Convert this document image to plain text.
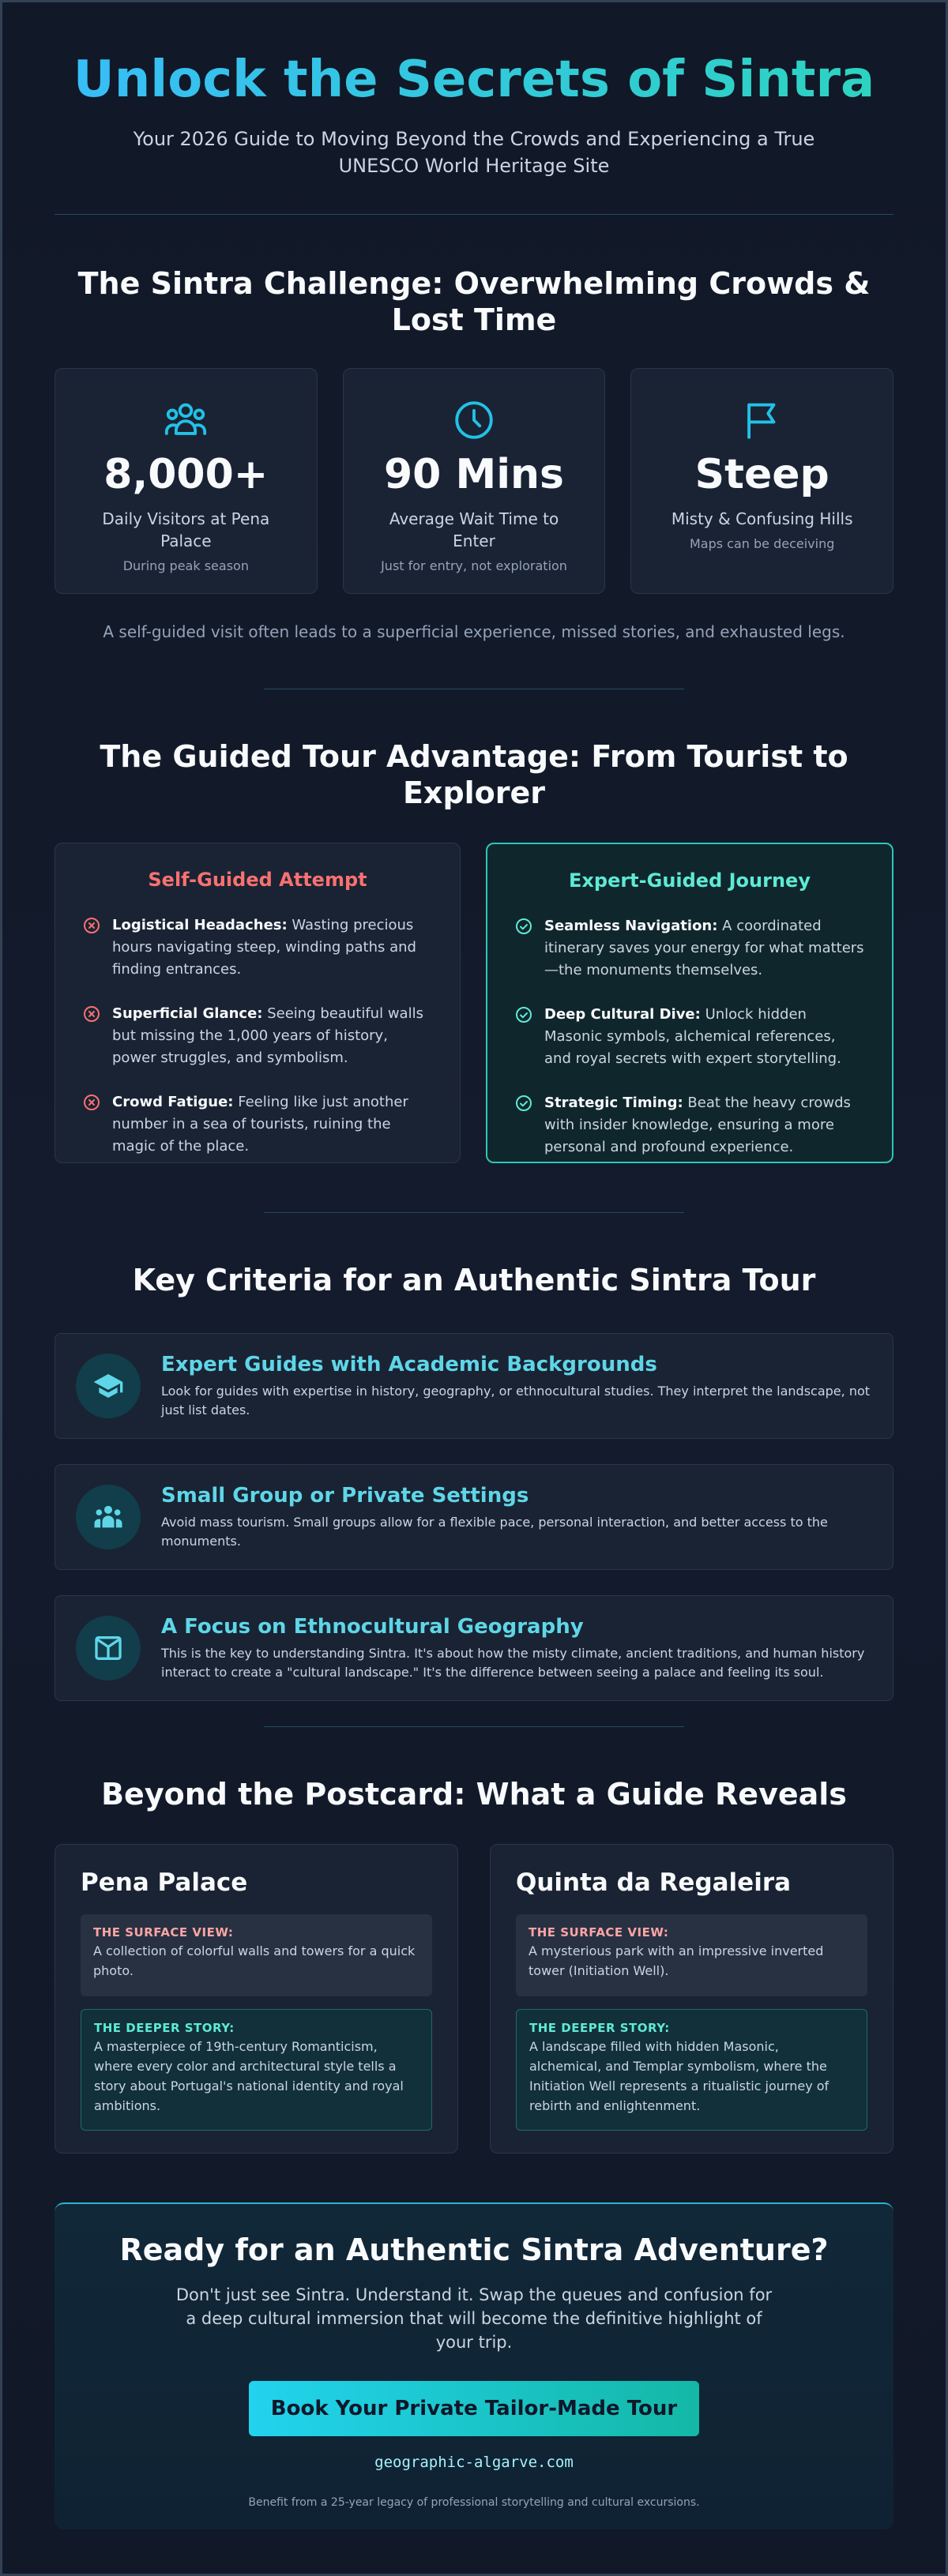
Unlock the Secrets of Sintra

Your 2026 Guide to Moving Beyond the Crowds and Experiencing a True UNESCO World Heritage Site

The Sintra Challenge: Overwhelming Crowds & Lost Time
8,000+
Daily Visitors at Pena Palace
During peak season
90 Mins
Average Wait Time to Enter
Just for entry, not exploration
Steep
Misty & Confusing Hills
Maps can be deceiving

A self-guided visit often leads to a superficial experience, missed stories, and exhausted legs.

The Guided Tour Advantage: From Tourist to Explorer
Self-Guided Attempt
Logistical Headaches: Wasting precious hours navigating steep, winding paths and finding entrances.
Superficial Glance: Seeing beautiful walls but missing the 1,000 years of history, power struggles, and symbolism.
Crowd Fatigue: Feeling like just another number in a sea of tourists, ruining the magic of the place.
Expert-Guided Journey
Seamless Navigation: A coordinated itinerary saves your energy for what matters—the monuments themselves.
Deep Cultural Dive: Unlock hidden Masonic symbols, alchemical references, and royal secrets with expert storytelling.
Strategic Timing: Beat the heavy crowds with insider knowledge, ensuring a more personal and profound experience.
Key Criteria for an Authentic Sintra Tour
Expert Guides with Academic Backgrounds

Look for guides with expertise in history, geography, or ethnocultural studies. They interpret the landscape, not just list dates.

Small Group or Private Settings

Avoid mass tourism. Small groups allow for a flexible pace, personal interaction, and better access to the monuments.

A Focus on Ethnocultural Geography

This is the key to understanding Sintra. It's about how the misty climate, ancient traditions, and human history interact to create a "cultural landscape." It's the difference between seeing a palace and feeling its soul.

Beyond the Postcard: What a Guide Reveals
Pena Palace
THE SURFACE VIEW:

A collection of colorful walls and towers for a quick photo.

THE DEEPER STORY:

A masterpiece of 19th-century Romanticism, where every color and architectural style tells a story about Portugal's national identity and royal ambitions.

Quinta da Regaleira
THE SURFACE VIEW:

A mysterious park with an impressive inverted tower (Initiation Well).

THE DEEPER STORY:

A landscape filled with hidden Masonic, alchemical, and Templar symbolism, where the Initiation Well represents a ritualistic journey of rebirth and enlightenment.

Ready for an Authentic Sintra Adventure?

Don't just see Sintra. Understand it. Swap the queues and confusion for a deep cultural immersion that will become the definitive highlight of your trip.

Book Your Private Tailor-Made Tour
geographic-algarve.com
Benefit from a 25-year legacy of professional storytelling and cultural excursions.
